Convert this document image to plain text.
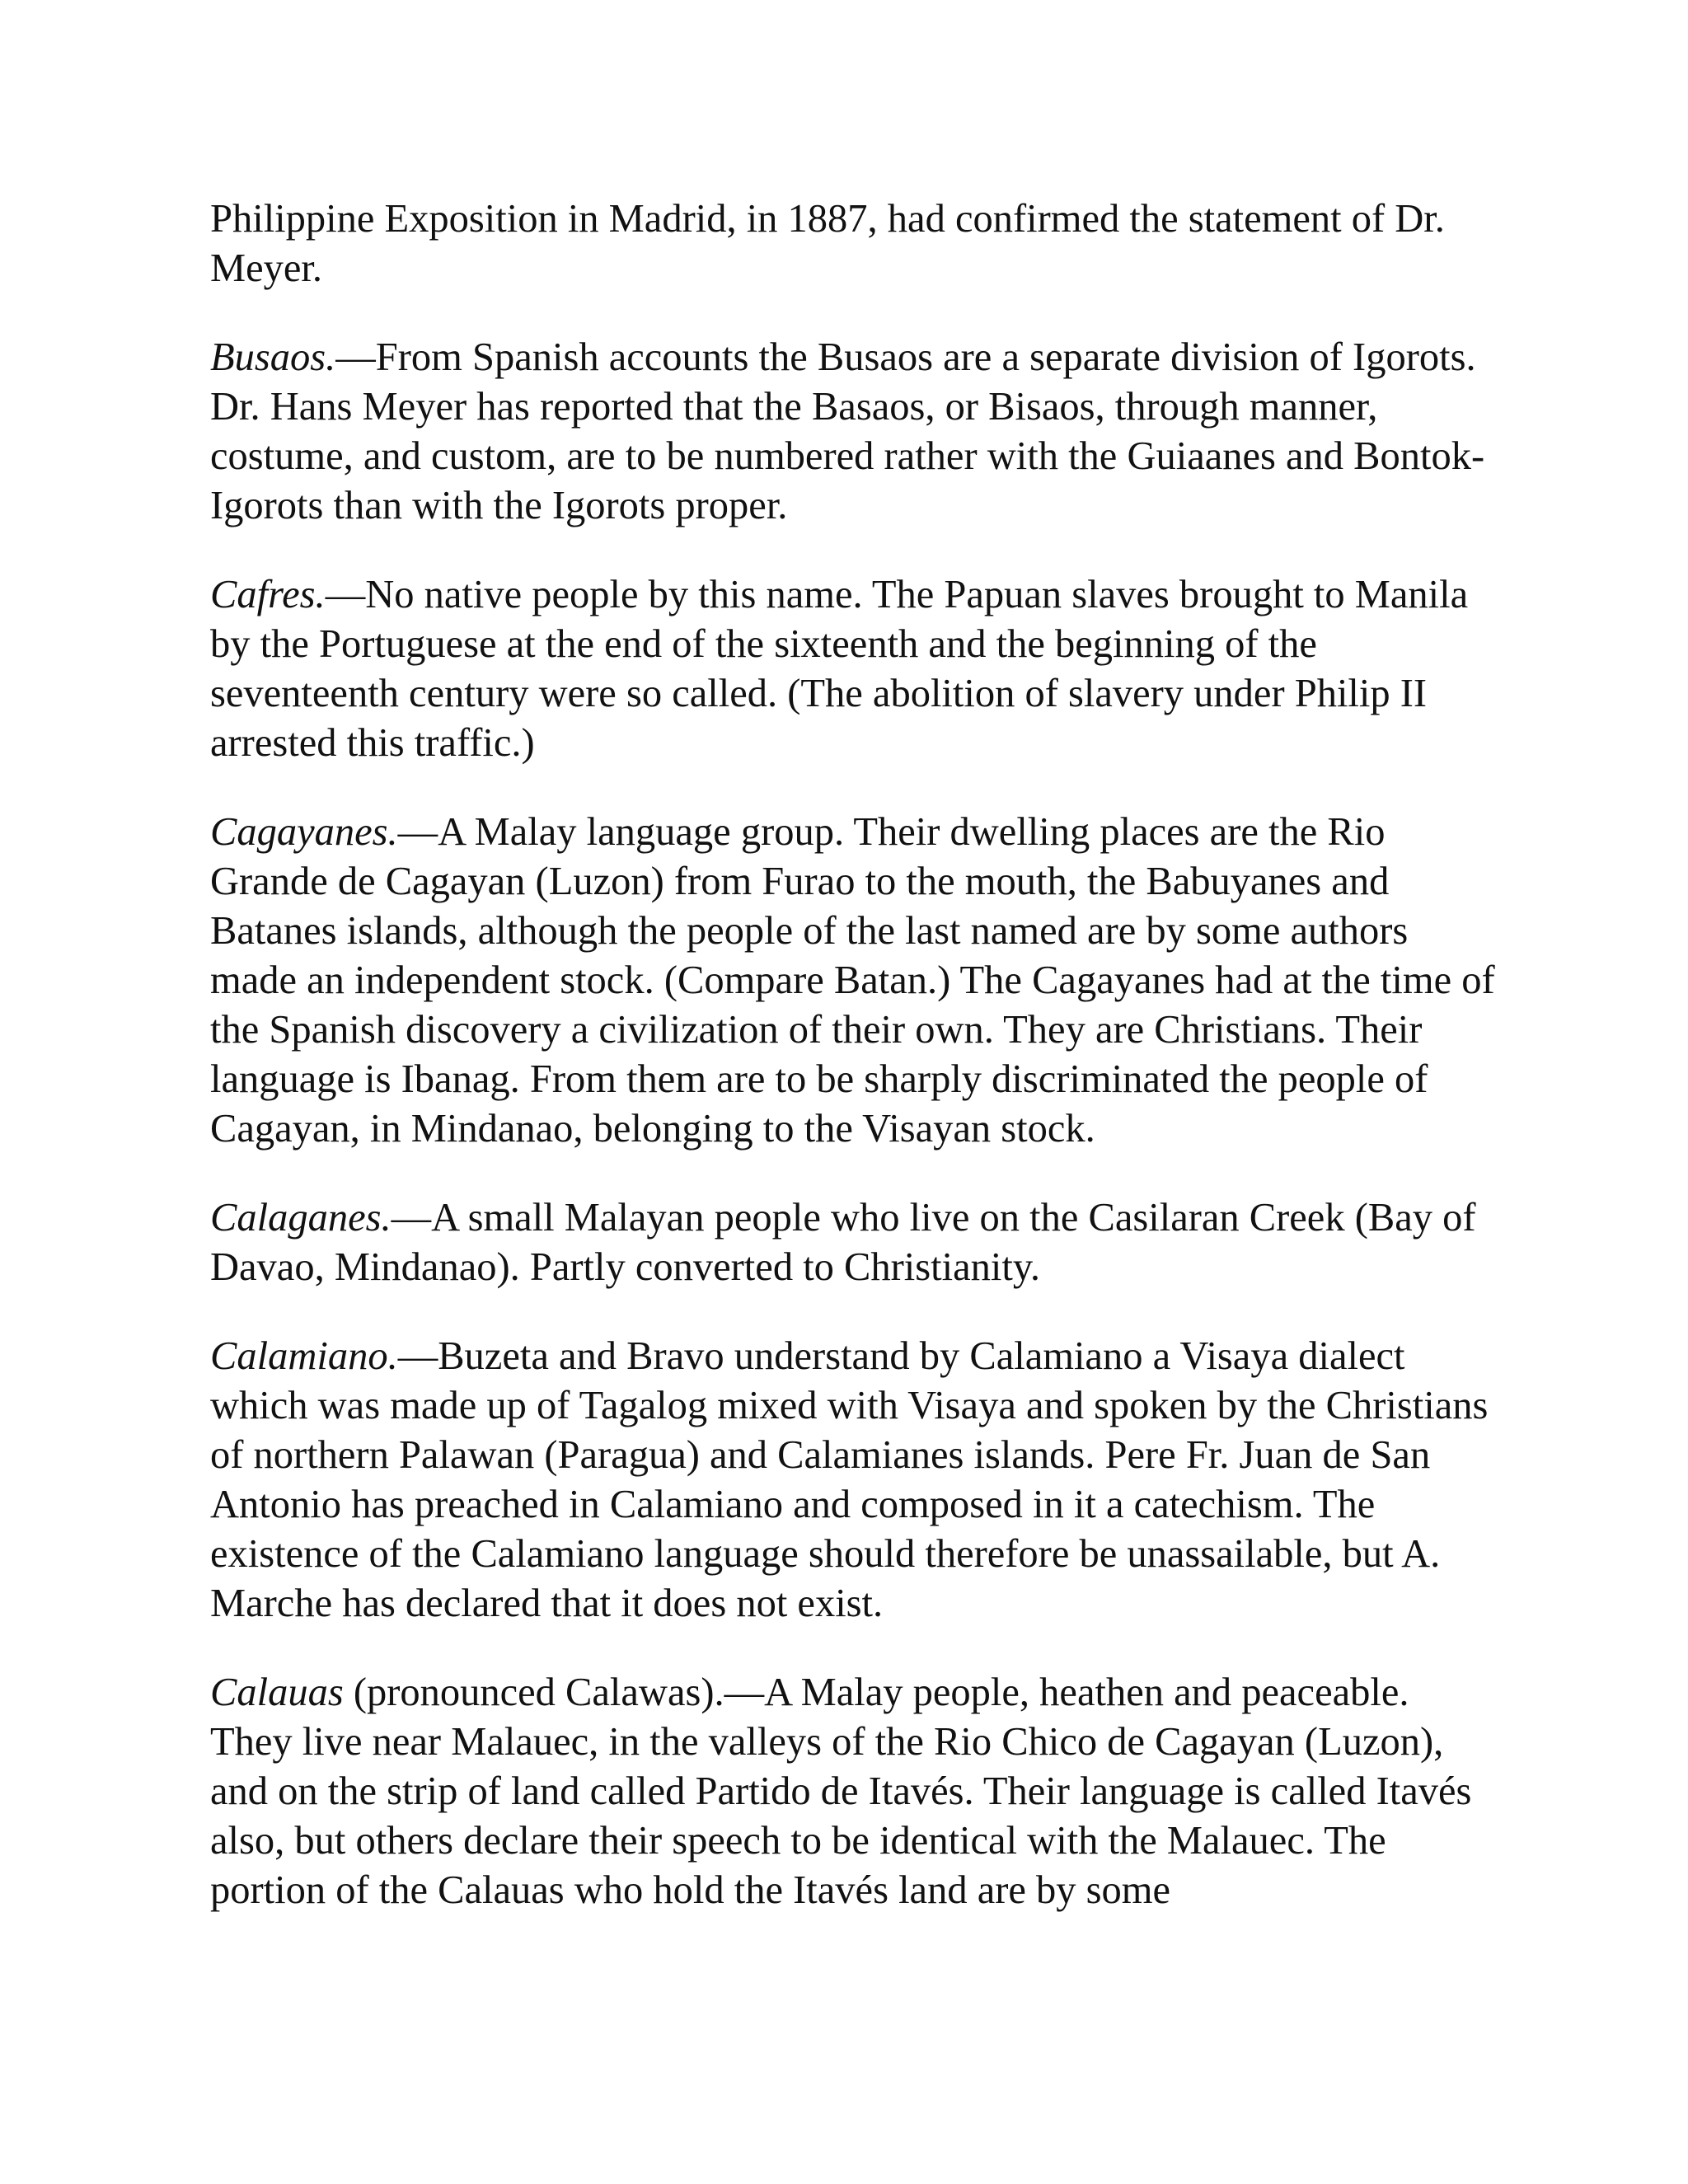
Philippine Exposition in Madrid, in 1887, had confirmed the statement of Dr. Meyer.

Busaos.—From Spanish accounts the Busaos are a separate division of Igorots. Dr. Hans Meyer has reported that the Basaos, or Bisaos, through manner, costume, and custom, are to be numbered rather with the Guiaanes and Bontok-Igorots than with the Igorots proper.

Cafres.—No native people by this name. The Papuan slaves brought to Manila by the Portuguese at the end of the sixteenth and the beginning of the seventeenth century were so called. (The abolition of slavery under Philip II arrested this traffic.)

Cagayanes.—A Malay language group. Their dwelling places are the Rio Grande de Cagayan (Luzon) from Furao to the mouth, the Babuyanes and Batanes islands, although the people of the last named are by some authors made an independent stock. (Compare Batan.) The Cagayanes had at the time of the Spanish discovery a civilization of their own. They are Christians. Their language is Ibanag. From them are to be sharply discriminated the people of Cagayan, in Mindanao, belonging to the Visayan stock.

Calaganes.—A small Malayan people who live on the Casilaran Creek (Bay of Davao, Mindanao). Partly converted to Christianity.

Calamiano.—Buzeta and Bravo understand by Calamiano a Visaya dialect which was made up of Tagalog mixed with Visaya and spoken by the Christians of northern Palawan (Paragua) and Calamianes islands. Pere Fr. Juan de San Antonio has preached in Calamiano and composed in it a catechism. The existence of the Calamiano language should therefore be unassailable, but A. Marche has declared that it does not exist.

Calauas (pronounced Calawas).—A Malay people, heathen and peaceable. They live near Malauec, in the valleys of the Rio Chico de Cagayan (Luzon), and on the strip of land called Partido de Itavés. Their language is called Itavés also, but others declare their speech to be identical with the Malauec. The portion of the Calauas who hold the Itavés land are by some
